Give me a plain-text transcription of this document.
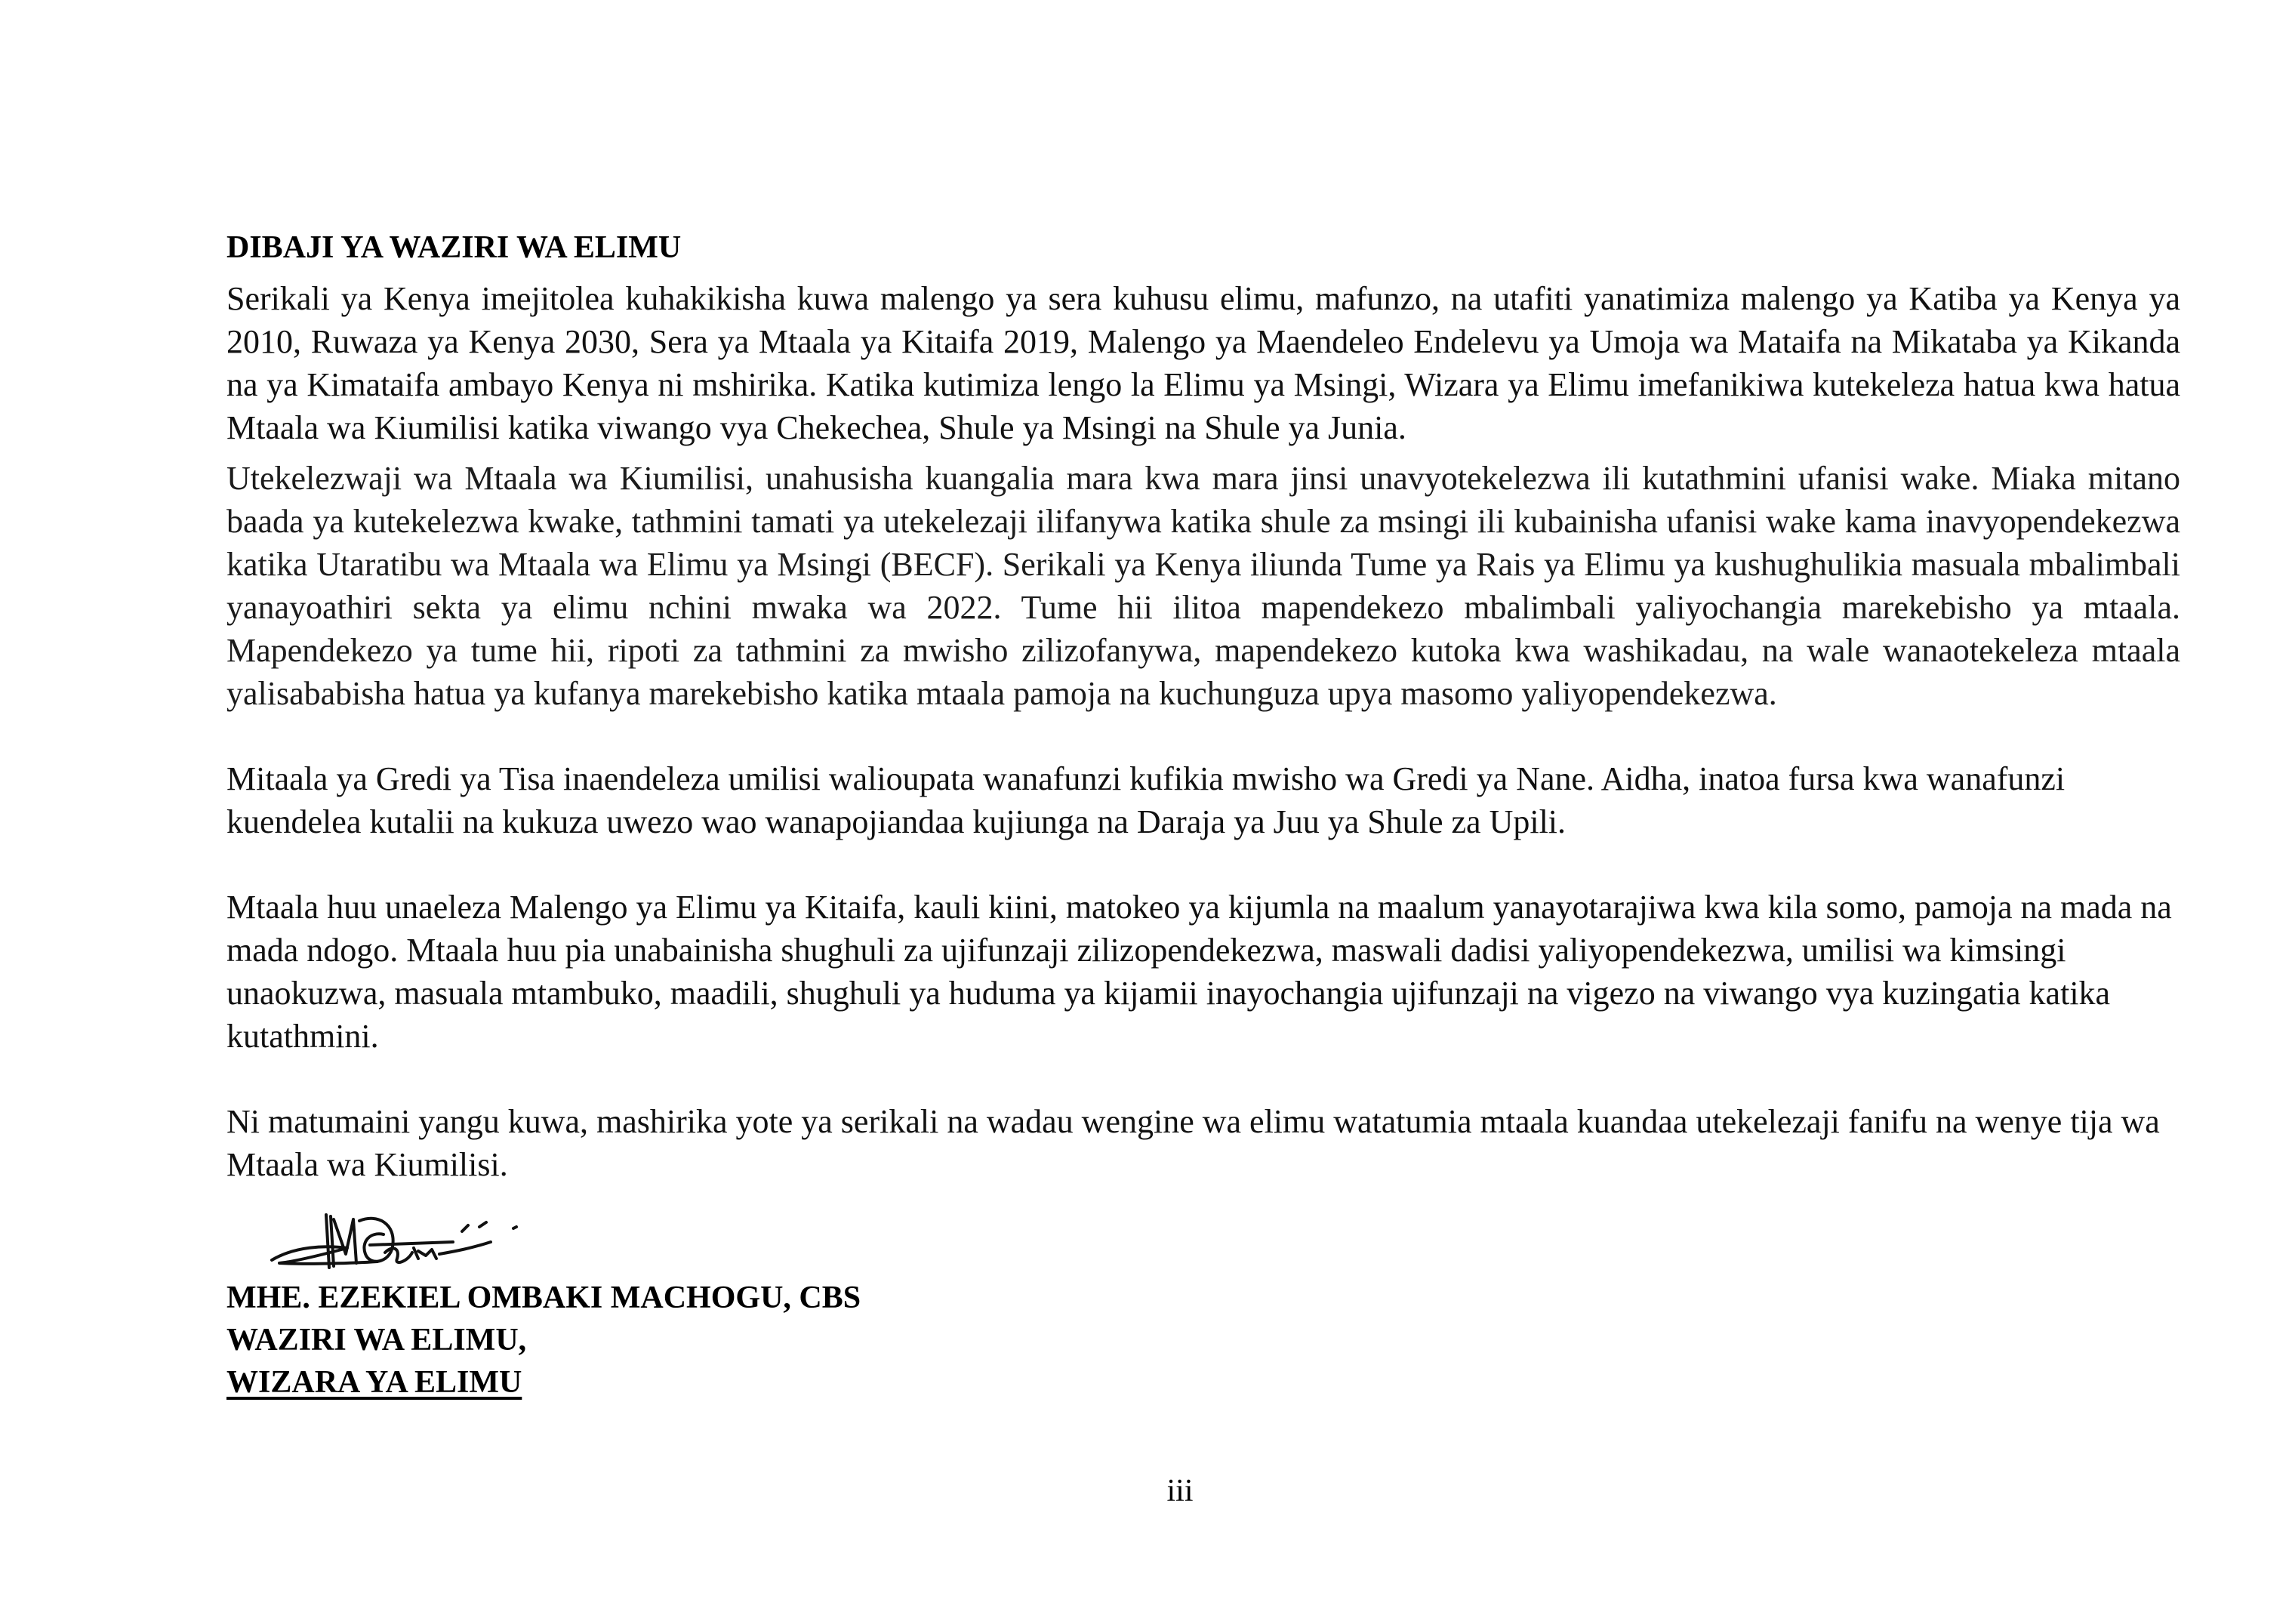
DIBAJI YA WAZIRI WA ELIMU

Serikali ya Kenya imejitolea kuhakikisha kuwa malengo ya sera kuhusu elimu, mafunzo, na utafiti yanatimiza malengo ya Katiba ya Kenya ya 2010, Ruwaza ya Kenya 2030, Sera ya Mtaala ya Kitaifa 2019, Malengo ya Maendeleo Endelevu ya Umoja wa Mataifa na Mikataba ya Kikanda na ya Kimataifa ambayo Kenya ni mshirika. Katika kutimiza lengo la Elimu ya Msingi, Wizara ya Elimu imefanikiwa kutekeleza hatua kwa hatua Mtaala wa Kiumilisi katika viwango vya Chekechea, Shule ya Msingi na Shule ya Junia.

Utekelezwaji wa Mtaala wa Kiumilisi, unahusisha kuangalia mara kwa mara jinsi unavyotekelezwa ili kutathmini ufanisi wake. Miaka mitano baada ya kutekelezwa kwake, tathmini tamati ya utekelezaji ilifanywa katika shule za msingi ili kubainisha ufanisi wake kama inavyopendekezwa katika Utaratibu wa Mtaala wa Elimu ya Msingi (BECF). Serikali ya Kenya iliunda Tume ya Rais ya Elimu ya kushughulikia masuala mbalimbali yanayoathiri sekta ya elimu nchini mwaka wa 2022. Tume hii ilitoa mapendekezo mbalimbali yaliyochangia marekebisho ya mtaala. Mapendekezo ya tume hii, ripoti za tathmini za mwisho zilizofanywa, mapendekezo kutoka kwa washikadau, na wale wanaotekeleza mtaala yalisababisha hatua ya kufanya marekebisho katika mtaala pamoja na kuchunguza upya masomo yaliyopendekezwa.

Mitaala ya Gredi ya Tisa inaendeleza umilisi walioupata wanafunzi kufikia mwisho wa Gredi ya Nane. Aidha, inatoa fursa kwa wanafunzi kuendelea kutalii na kukuza uwezo wao wanapojiandaa kujiunga na Daraja ya Juu ya Shule za Upili.

Mtaala huu unaeleza Malengo ya Elimu ya Kitaifa, kauli kiini, matokeo ya kijumla na maalum yanayotarajiwa kwa kila somo, pamoja na mada na mada ndogo. Mtaala huu pia unabainisha shughuli za ujifunzaji zilizopendekezwa, maswali dadisi yaliyopendekezwa, umilisi wa kimsingi unaokuzwa, masuala mtambuko, maadili, shughuli ya huduma ya kijamii inayochangia ujifunzaji na vigezo na viwango vya kuzingatia katika kutathmini.

Ni matumaini yangu kuwa, mashirika yote ya serikali na wadau wengine wa elimu watatumia mtaala kuandaa utekelezaji fanifu na wenye tija wa Mtaala wa Kiumilisi.

MHE. EZEKIEL OMBAKI MACHOGU, CBS

WAZIRI WA ELIMU,

WIZARA YA ELIMU

iii
